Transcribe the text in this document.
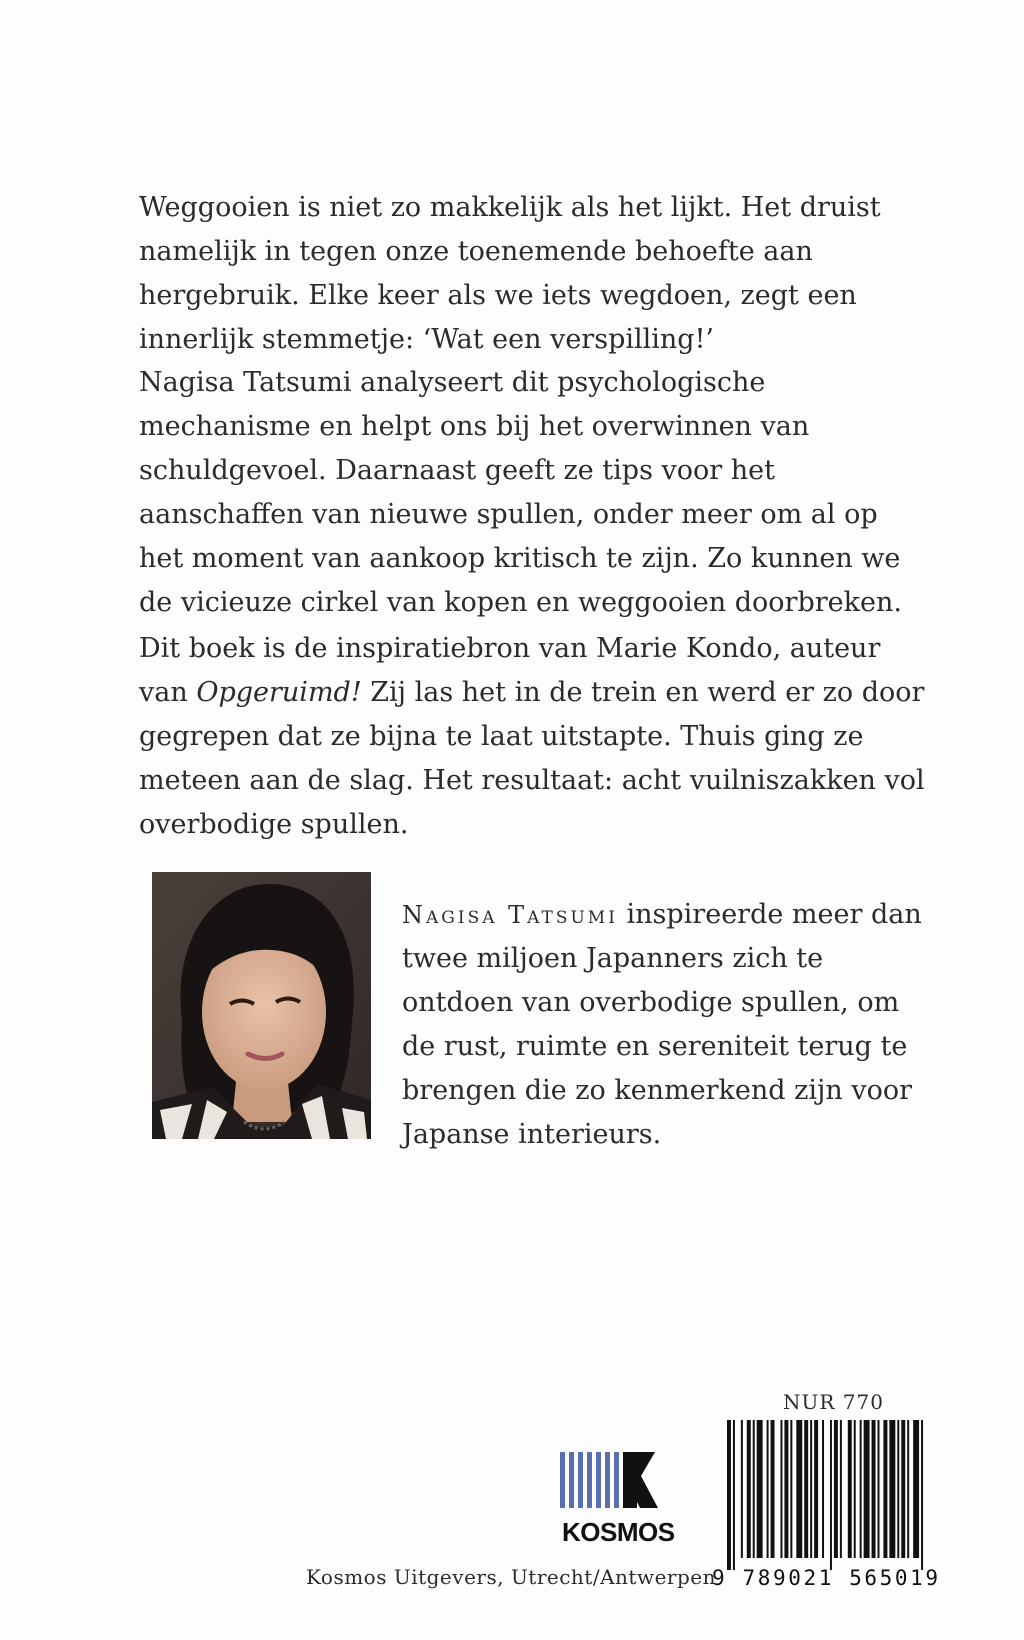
Weggooien is niet zo makkelijk als het lijkt. Het druist namelijk in tegen onze toenemende behoefte aan hergebruik. Elke keer als we iets wegdoen, zegt een innerlijk stemmetje: ‘Wat een verspilling!’

Nagisa Tatsumi analyseert dit psychologische mechanisme en helpt ons bij het overwinnen van schuldgevoel. Daarnaast geeft ze tips voor het aanschaffen van nieuwe spullen, onder meer om al op het moment van aankoop kritisch te zijn. Zo kunnen we de vicieuze cirkel van kopen en weggooien doorbreken.

Dit boek is de inspiratiebron van Marie Kondo, auteur van Opgeruimd! Zij las het in de trein en werd er zo door gegrepen dat ze bijna te laat uitstapte. Thuis ging ze meteen aan de slag. Het resultaat: acht vuilniszakken vol overbodige spullen.

Nagisa Tatsumi inspireerde meer dan twee miljoen Japanners zich te ontdoen van overbodige spullen, om de rust, ruimte en sereniteit terug te brengen die zo kenmerkend zijn voor Japanse interieurs.

NUR 770
9 789021 565019
KOSMOS
Kosmos Uitgevers, Utrecht/Antwerpen
